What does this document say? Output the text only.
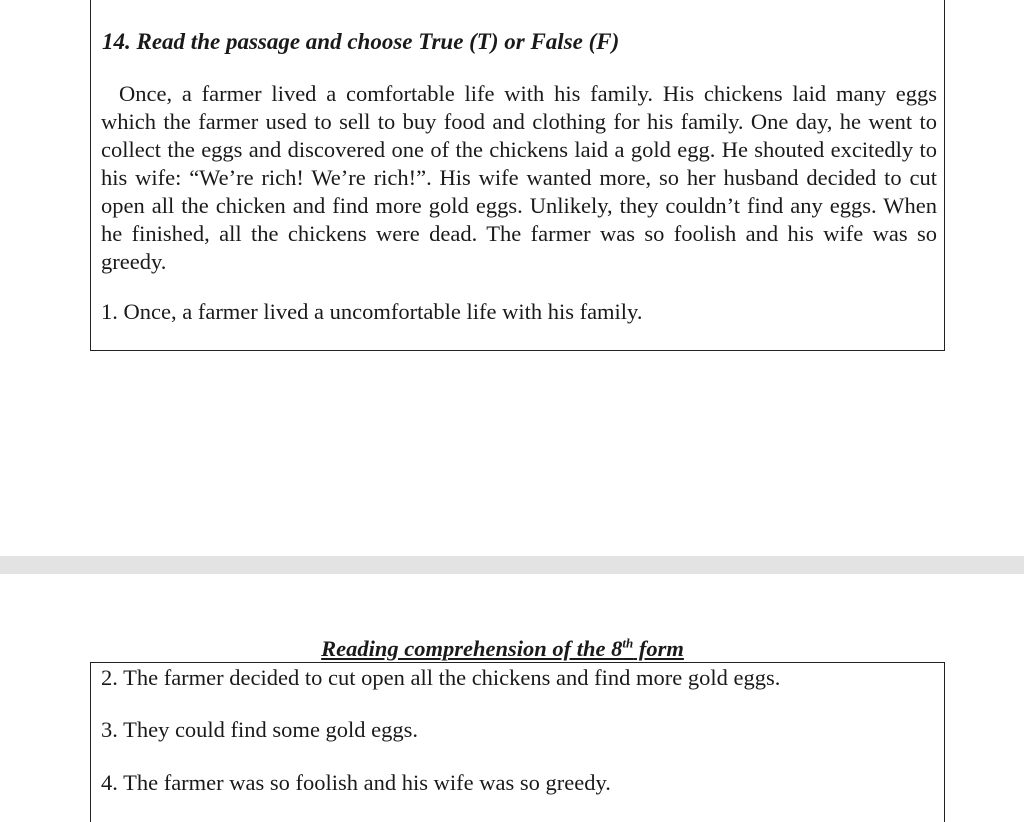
14. Read the passage and choose True (T) or False (F)

Once, a farmer lived a comfortable life with his family. His chickens laid many eggs which the farmer used to sell to buy food and clothing for his family. One day, he went to collect the eggs and discovered one of the chickens laid a gold egg. He shouted excitedly to his wife: “We’re rich! We’re rich!”. His wife wanted more, so her husband decided to cut open all the chicken and find more gold eggs. Unlikely, they couldn’t find any eggs. When he finished, all the chickens were dead. The farmer was so foolish and his wife was so greedy.

1. Once, a farmer lived a uncomfortable life with his family.

Reading comprehension of the 8th form

2. The farmer decided to cut open all the chickens and find more gold eggs.

3. They could find some gold eggs.

4. The farmer was so foolish and his wife was so greedy.
